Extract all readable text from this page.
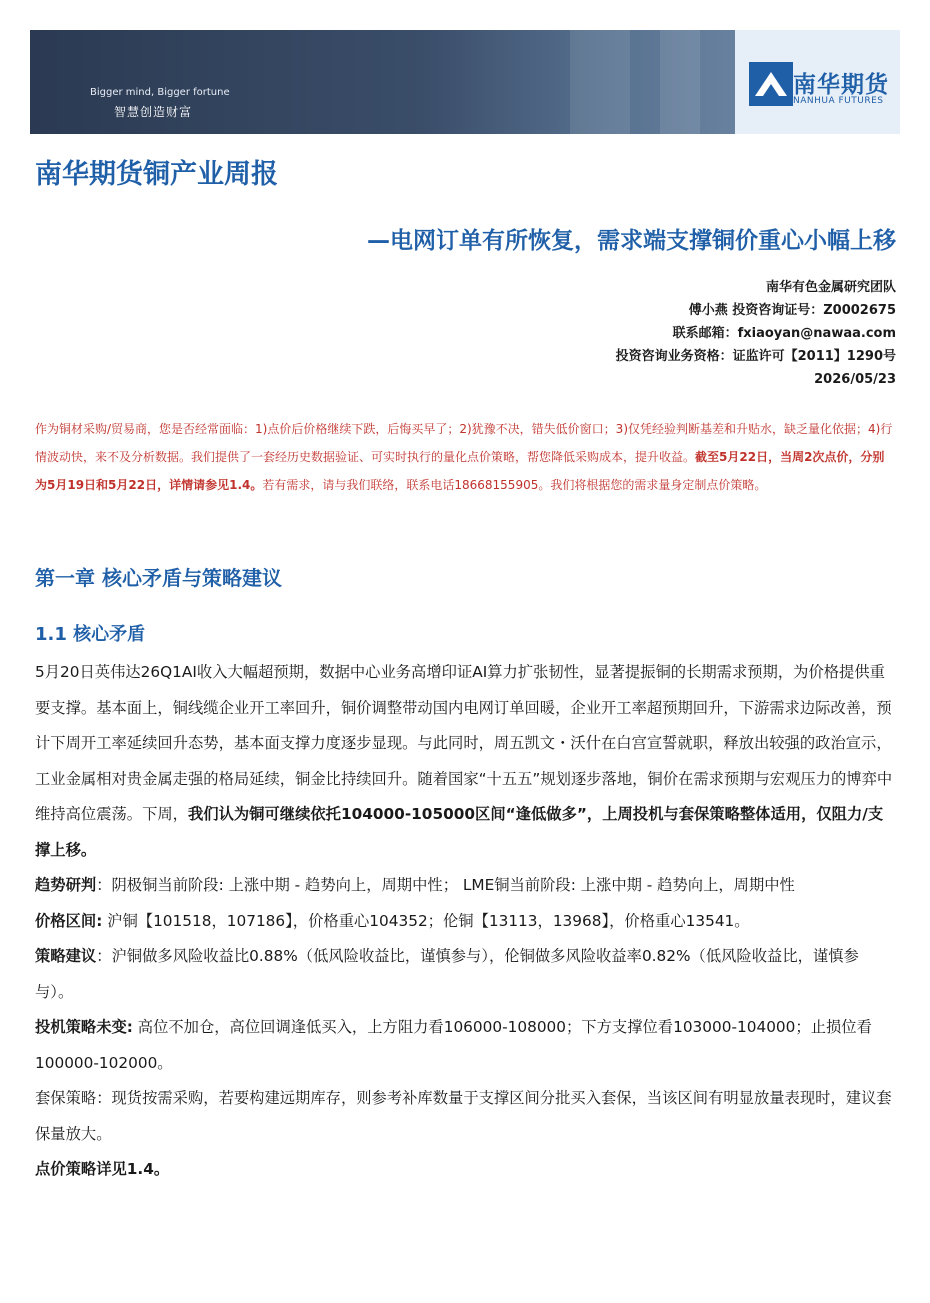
Bigger mind, Bigger fortune
智慧创造财富
南华期货
NANHUA FUTURES
南华期货铜产业周报
—电网订单有所恢复，需求端支撑铜价重心小幅上移
南华有色金属研究团队
傅小燕 投资咨询证号：Z0002675
联系邮箱：fxiaoyan@nawaa.com
投资咨询业务资格：证监许可【2011】1290号
2026/05/23
作为铜材采购/贸易商，您是否经常面临：1)点价后价格继续下跌，后悔买早了；2)犹豫不决，错失低价窗口；3)仅凭经验判断基差和升贴水，缺乏量化依据；4)行情波动快，来不及分析数据。我们提供了一套经历史数据验证、可实时执行的量化点价策略，帮您降低采购成本，提升收益。截至5月22日，当周2次点价，分别为5月19日和5月22日，详情请参见1.4。若有需求，请与我们联络，联系电话18668155905。我们将根据您的需求量身定制点价策略。
第一章 核心矛盾与策略建议
1.1 核心矛盾

5月20日英伟达26Q1AI收入大幅超预期，数据中心业务高增印证AI算力扩张韧性，显著提振铜的长期需求预期，为价格提供重要支撑。基本面上，铜线缆企业开工率回升，铜价调整带动国内电网订单回暖，企业开工率超预期回升，下游需求边际改善，预计下周开工率延续回升态势，基本面支撑力度逐步显现。与此同时，周五凯文・沃什在白宫宣誓就职，释放出较强的政治宣示，工业金属相对贵金属走强的格局延续，铜金比持续回升。随着国家“十五五”规划逐步落地，铜价在需求预期与宏观压力的博弈中维持高位震荡。下周，我们认为铜可继续依托104000-105000区间“逢低做多”，上周投机与套保策略整体适用，仅阻力/支撑上移。

趋势研判：阴极铜当前阶段: 上涨中期 - 趋势向上，周期中性； LME铜当前阶段: 上涨中期 - 趋势向上，周期中性

价格区间: 沪铜【101518，107186】，价格重心104352；伦铜【13113，13968】，价格重心13541。

策略建议：沪铜做多风险收益比0.88%（低风险收益比，谨慎参与），伦铜做多风险收益率0.82%（低风险收益比，谨慎参与）。

投机策略未变: 高位不加仓，高位回调逢低买入，上方阻力看106000-108000；下方支撑位看103000-104000；止损位看100000-102000。

套保策略：现货按需采购，若要构建远期库存，则参考补库数量于支撑区间分批买入套保，当该区间有明显放量表现时，建议套保量放大。

点价策略详见1.4。
